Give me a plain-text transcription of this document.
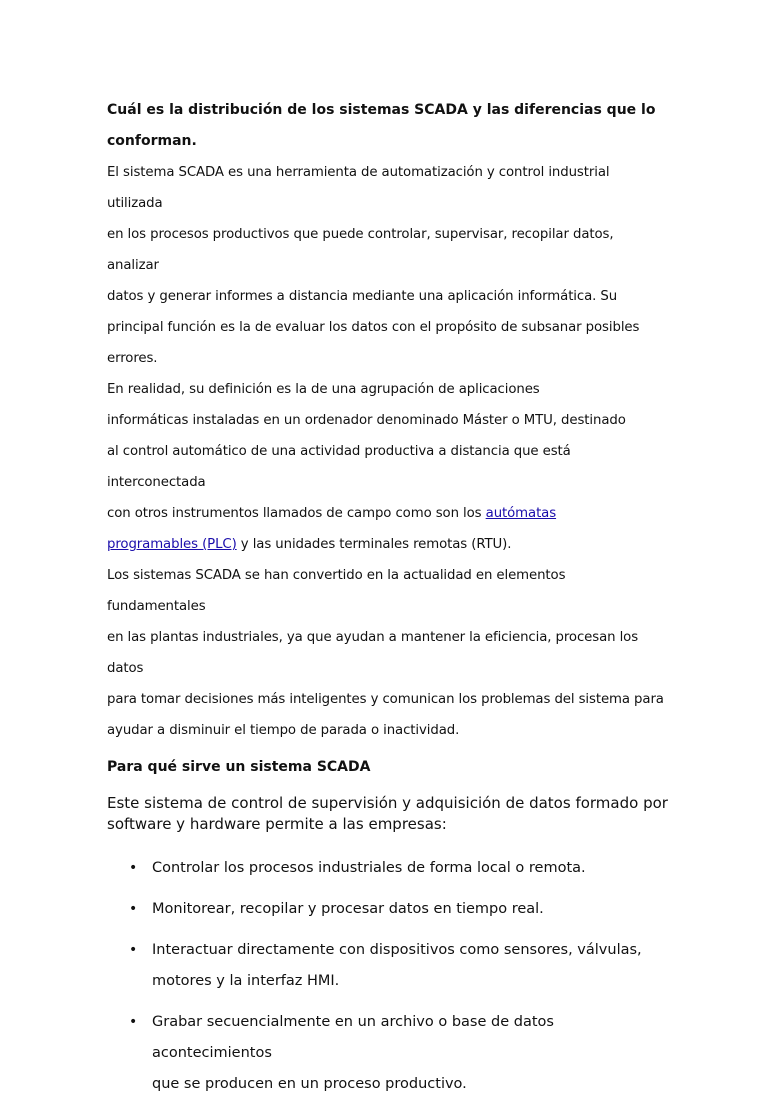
Cuál es la distribución de los sistemas SCADA y las diferencias que lo
conforman.

El sistema SCADA es una herramienta de automatización y control industrial utilizada
en los procesos productivos que puede controlar, supervisar, recopilar datos, analizar
datos y generar informes a distancia mediante una aplicación informática. Su
principal función es la de evaluar los datos con el propósito de subsanar posibles
errores.

En realidad, su definición es la de una agrupación de aplicaciones
informáticas instaladas en un ordenador denominado Máster o MTU, destinado
al control automático de una actividad productiva a distancia que está interconectada
con otros instrumentos llamados de campo como son los autómatas
programables (PLC) y las unidades terminales remotas (RTU).

Los sistemas SCADA se han convertido en la actualidad en elementos fundamentales
en las plantas industriales, ya que ayudan a mantener la eficiencia, procesan los datos
para tomar decisiones más inteligentes y comunican los problemas del sistema para
ayudar a disminuir el tiempo de parada o inactividad.

Para qué sirve un sistema SCADA

Este sistema de control de supervisión y adquisición de datos formado por
software y hardware permite a las empresas:

• Controlar los procesos industriales de forma local o remota.
• Monitorear, recopilar y procesar datos en tiempo real.
• Interactuar directamente con dispositivos como sensores, válvulas,
motores y la interfaz HMI.
• Grabar secuencialmente en un archivo o base de datos acontecimientos
que se producen en un proceso productivo.
